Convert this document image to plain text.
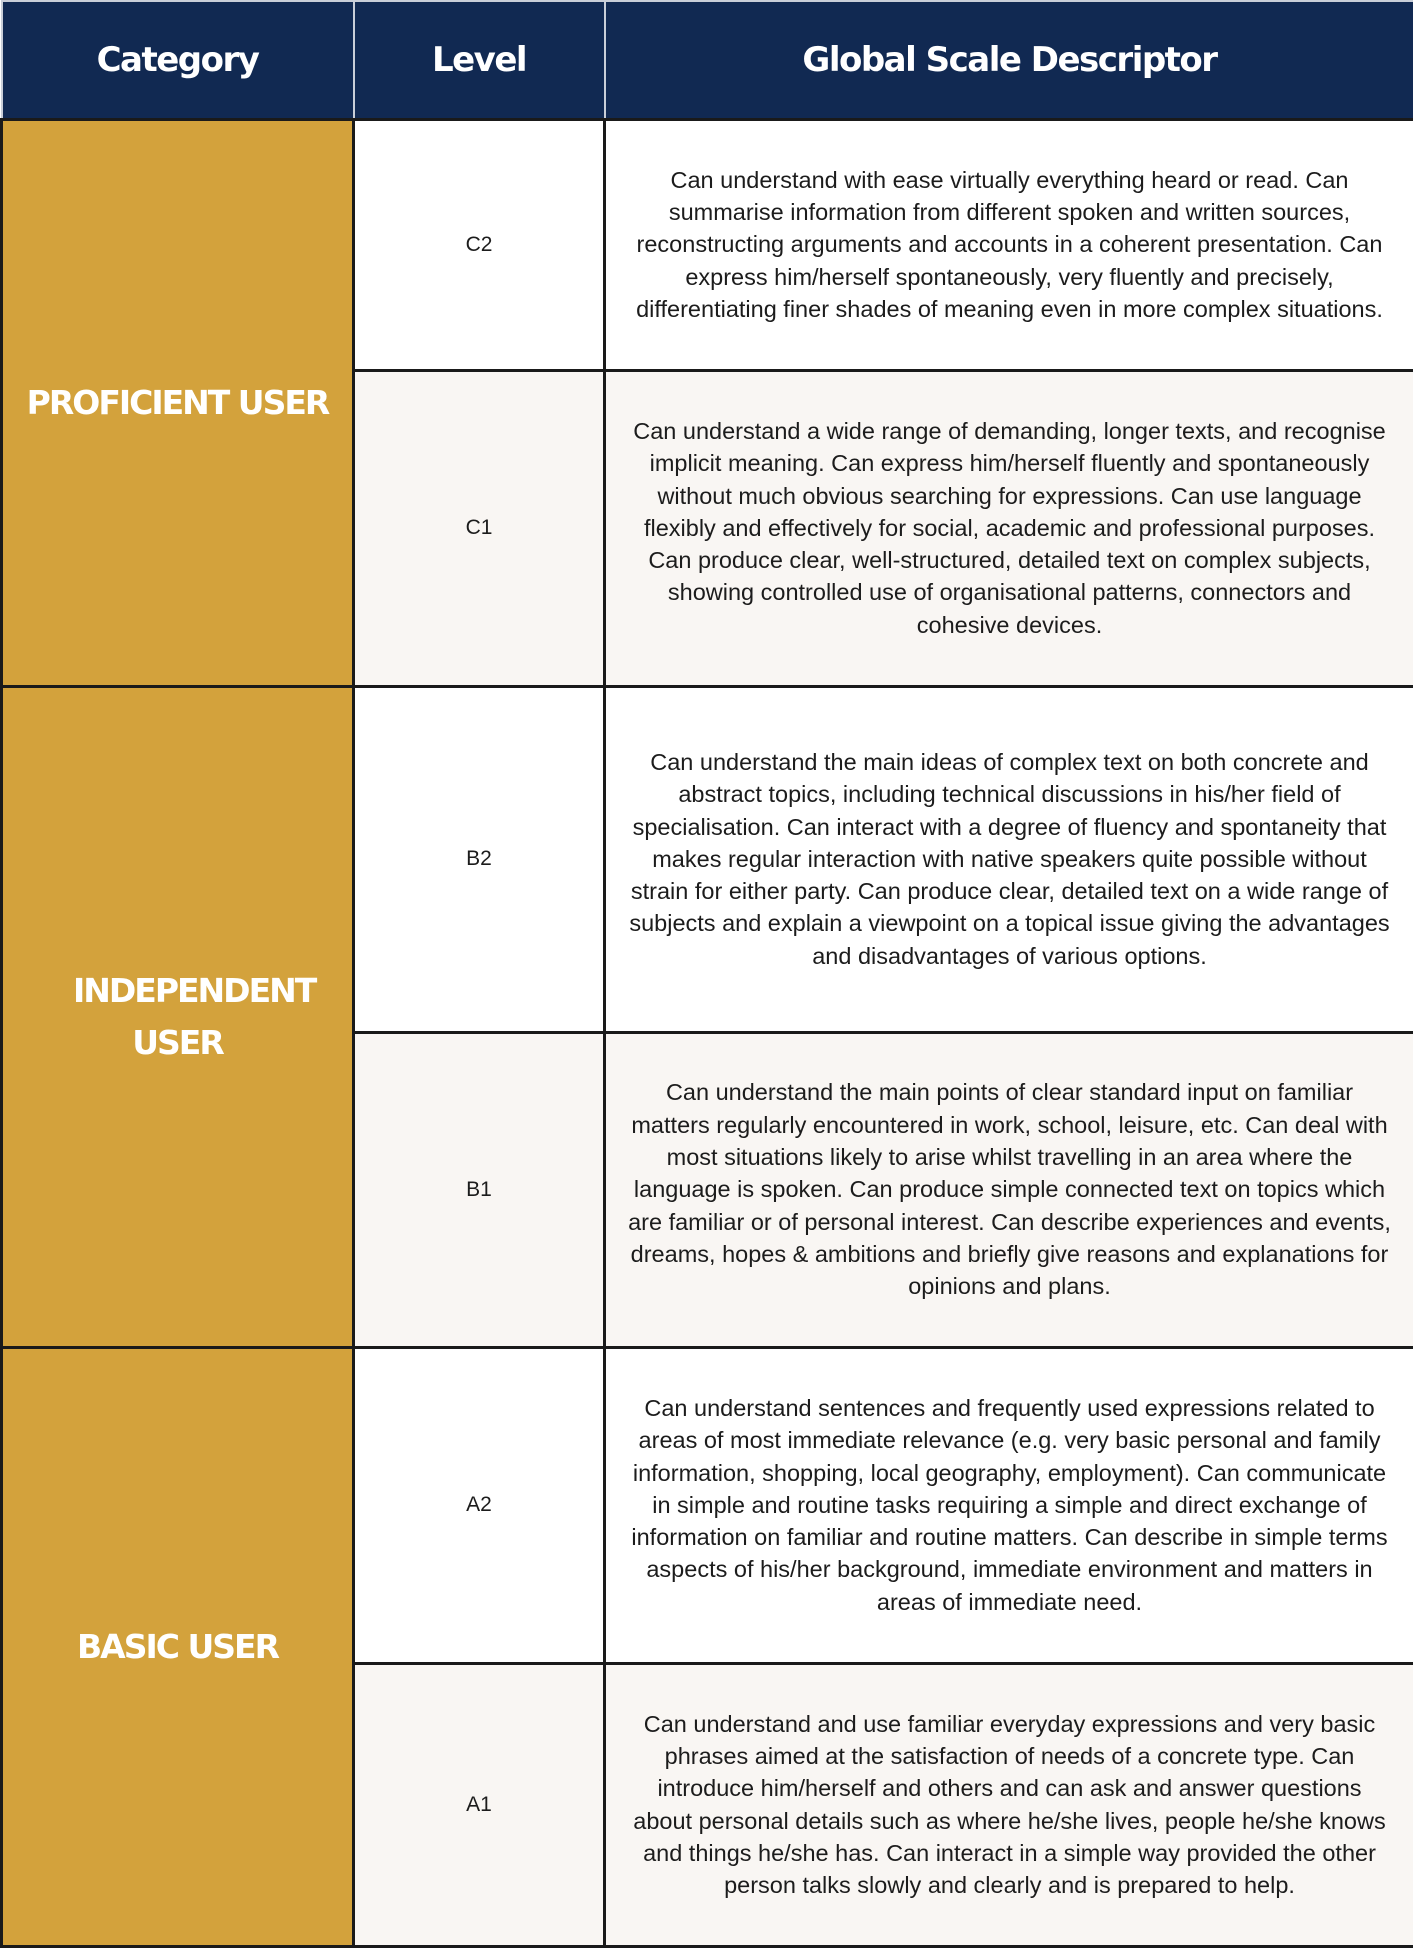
Category	Level	Global Scale Descriptor
PROFICIENT USER	C2	Can understand with ease virtually everything heard or read. Can summarise information from different spoken and written sources, reconstructing arguments and accounts in a coherent presentation. Can express him/herself spontaneously, very fluently and precisely, differentiating finer shades of meaning even in more complex situations.
	C1	Can understand a wide range of demanding, longer texts, and recognise implicit meaning. Can express him/herself fluently and spontaneously without much obvious searching for expressions. Can use language flexibly and effectively for social, academic and professional purposes. Can produce clear, well-structured, detailed text on complex subjects, showing controlled use of organisational patterns, connectors and cohesive devices.
INDEPENDENT USER	B2	Can understand the main ideas of complex text on both concrete and abstract topics, including technical discussions in his/her field of specialisation. Can interact with a degree of fluency and spontaneity that makes regular interaction with native speakers quite possible without strain for either party. Can produce clear, detailed text on a wide range of subjects and explain a viewpoint on a topical issue giving the advantages and disadvantages of various options.
	B1	Can understand the main points of clear standard input on familiar matters regularly encountered in work, school, leisure, etc. Can deal with most situations likely to arise whilst travelling in an area where the language is spoken. Can produce simple connected text on topics which are familiar or of personal interest. Can describe experiences and events, dreams, hopes & ambitions and briefly give reasons and explanations for opinions and plans.
BASIC USER	A2	Can understand sentences and frequently used expressions related to areas of most immediate relevance (e.g. very basic personal and family information, shopping, local geography, employment). Can communicate in simple and routine tasks requiring a simple and direct exchange of information on familiar and routine matters. Can describe in simple terms aspects of his/her background, immediate environment and matters in areas of immediate need.
	A1	Can understand and use familiar everyday expressions and very basic phrases aimed at the satisfaction of needs of a concrete type. Can introduce him/herself and others and can ask and answer questions about personal details such as where he/she lives, people he/she knows and things he/she has. Can interact in a simple way provided the other person talks slowly and clearly and is prepared to help.
